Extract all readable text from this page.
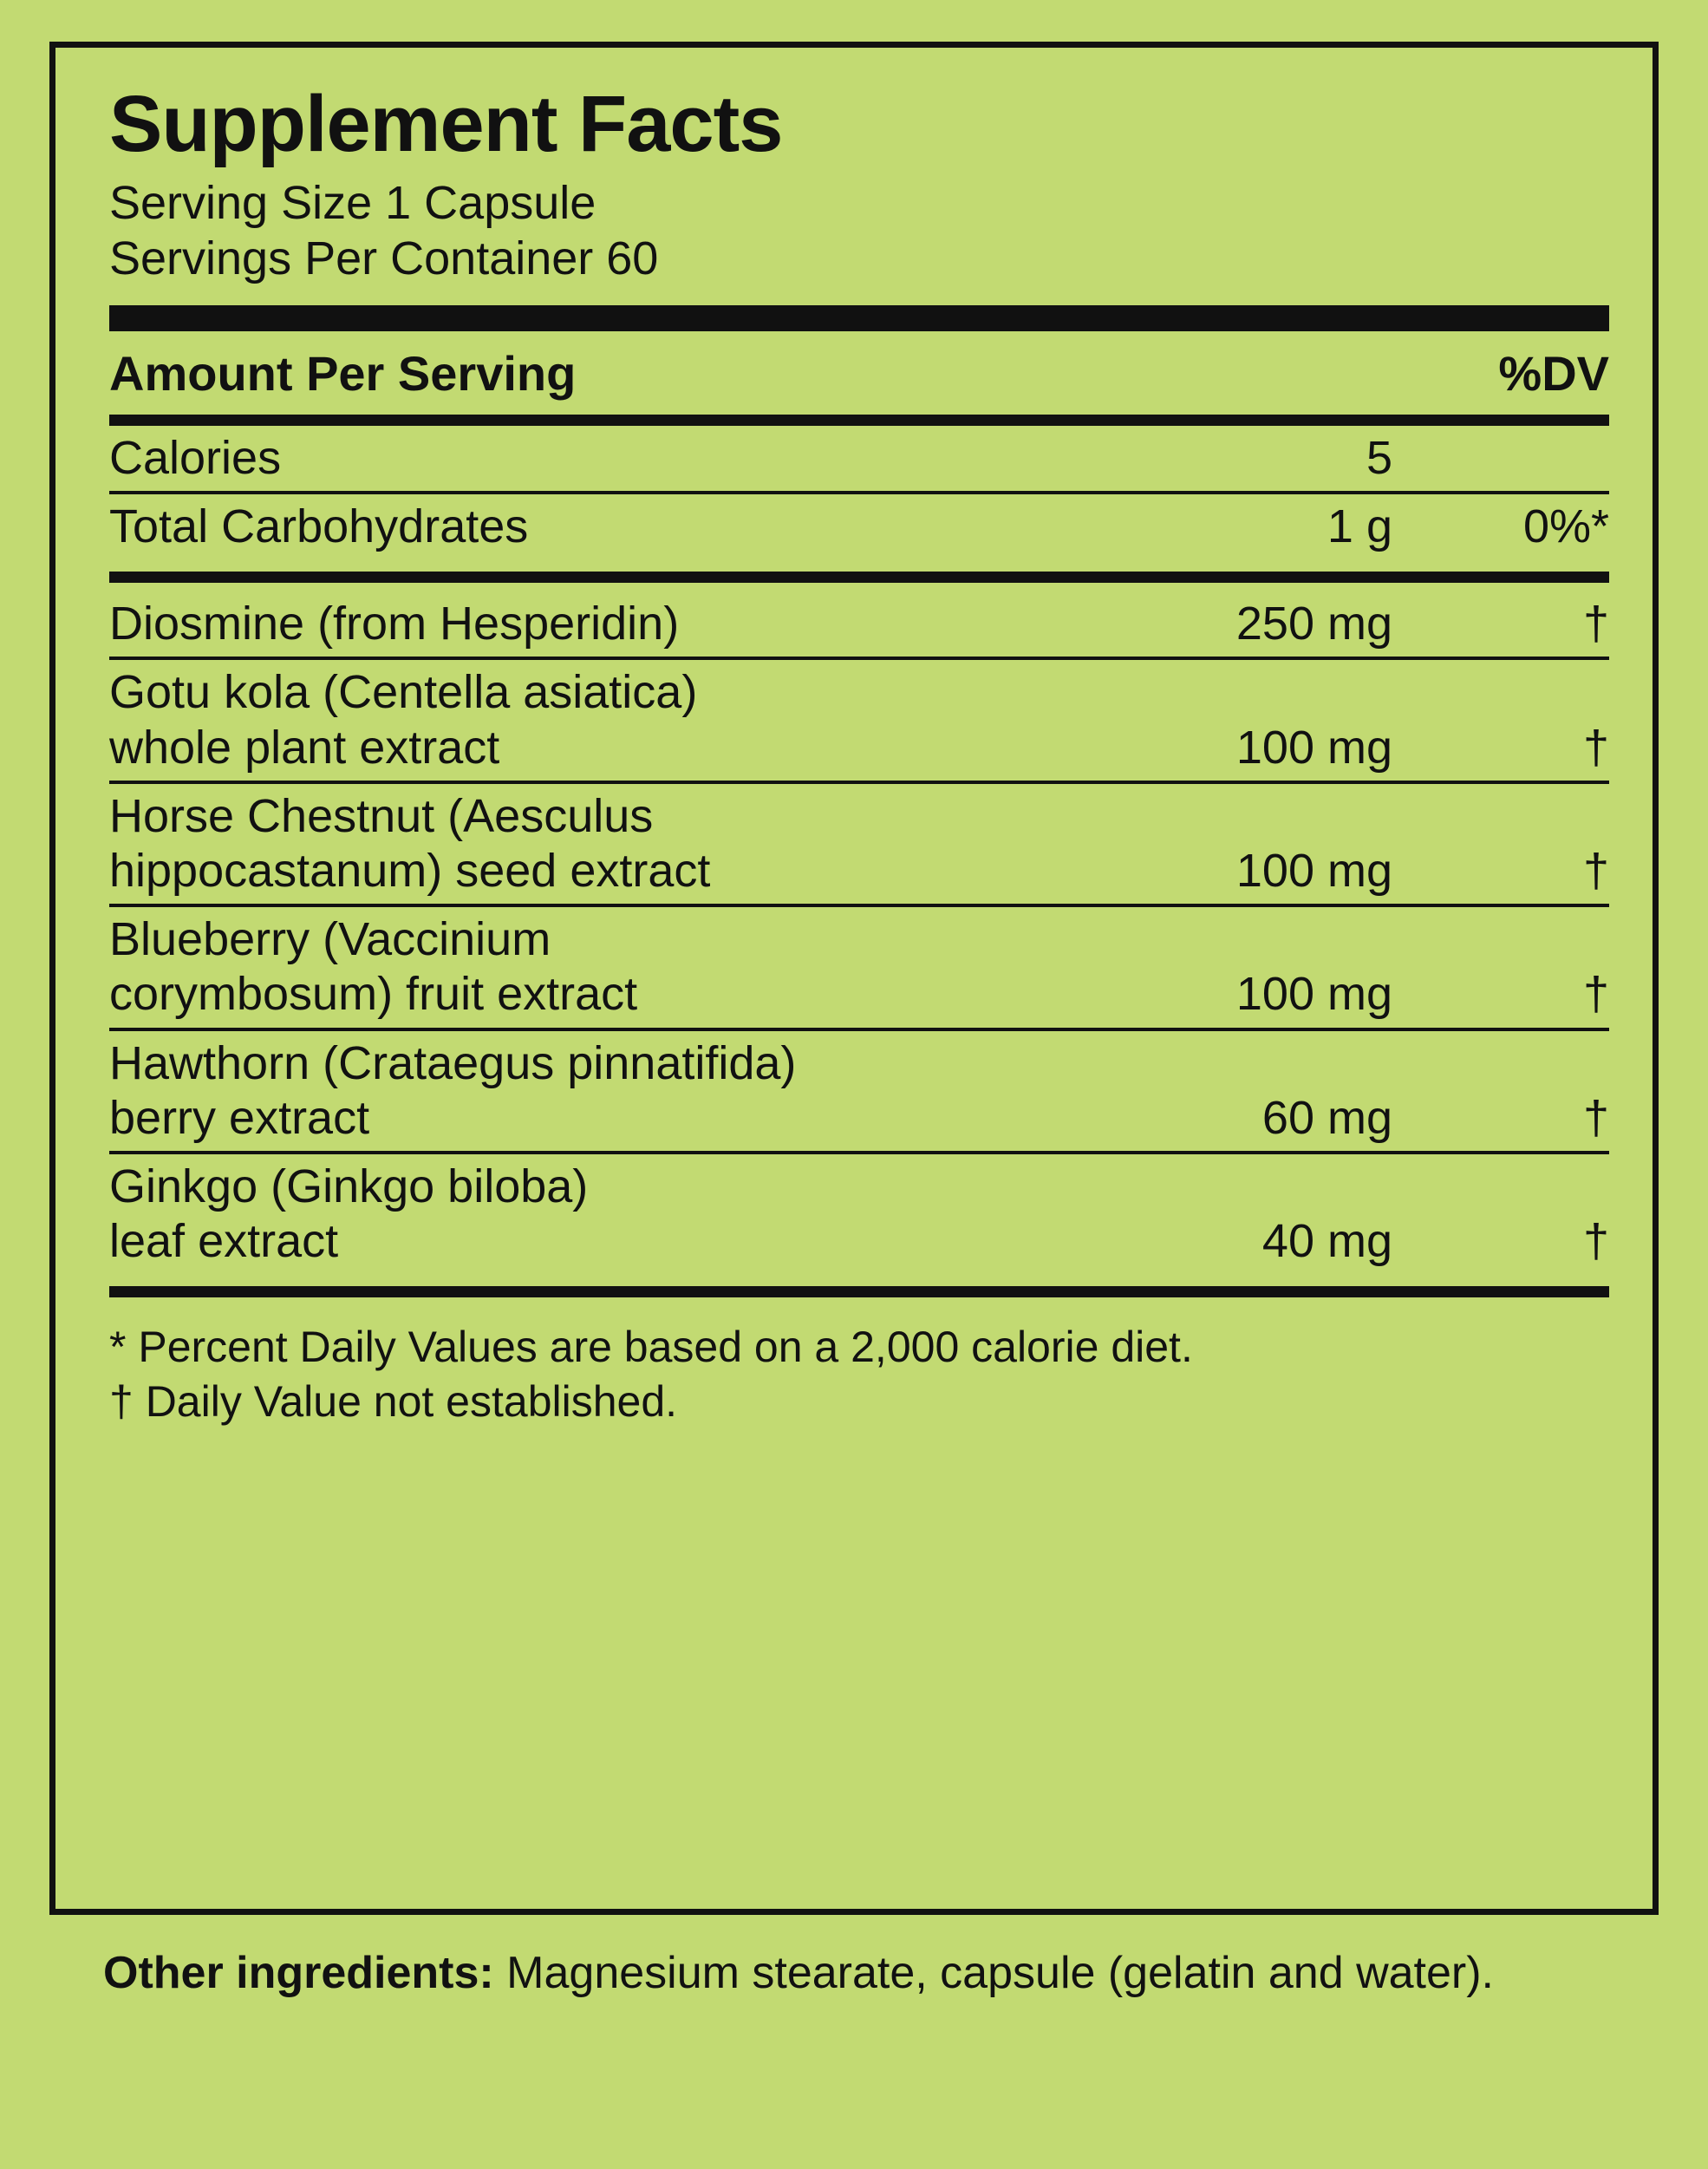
Supplement Facts
Serving Size 1 Capsule
Servings Per Container 60
Amount Per Serving	%DV
Calories	5
Total Carbohydrates	1 g	0%*
Diosmine (from Hesperidin)	250 mg	†
Gotu kola (Centella asiatica)
whole plant extract	100 mg	†
Horse Chestnut (Aesculus
hippocastanum) seed extract	100 mg	†
Blueberry (Vaccinium
corymbosum) fruit extract	100 mg	†
Hawthorn (Crataegus pinnatifida)
berry extract	60 mg	†
Ginkgo (Ginkgo biloba)
leaf extract	40 mg	†
* Percent Daily Values are based on a 2,000 calorie diet.
† Daily Value not established.
Other ingredients: Magnesium stearate, capsule (gelatin and water).
